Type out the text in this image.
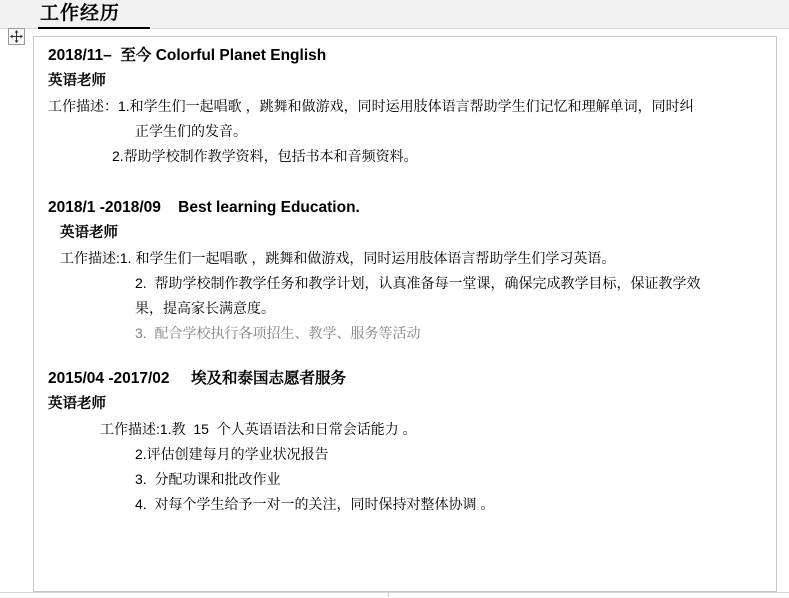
工作经历
2018/11–  至今 Colorful Planet English
英语老师
工作描述：1.和学生们一起唱歌 ，跳舞和做游戏，同时运用肢体语言帮助学生们记忆和理解单词，同时纠
正学生们的发音。
2.帮助学校制作教学资料，包括书本和音频资料。
2018/1 -2018/09    Best learning Education.
英语老师
工作描述:1. 和学生们一起唱歌 ，跳舞和做游戏，同时运用肢体语言帮助学生们学习英语。
2.  帮助学校制作教学任务和教学计划，认真准备每一堂课，确保完成教学目标，保证教学效
果，提高家长满意度。
3.  配合学校执行各项招生、教学、服务等活动
2015/04 -2017/02     埃及和泰国志愿者服务
英语老师
工作描述:1.教  15  个人英语语法和日常会话能力 。
2.评估创建每月的学业状况报告
3.  分配功课和批改作业
4.  对每个学生给予一对一的关注，同时保持对整体协调 。
